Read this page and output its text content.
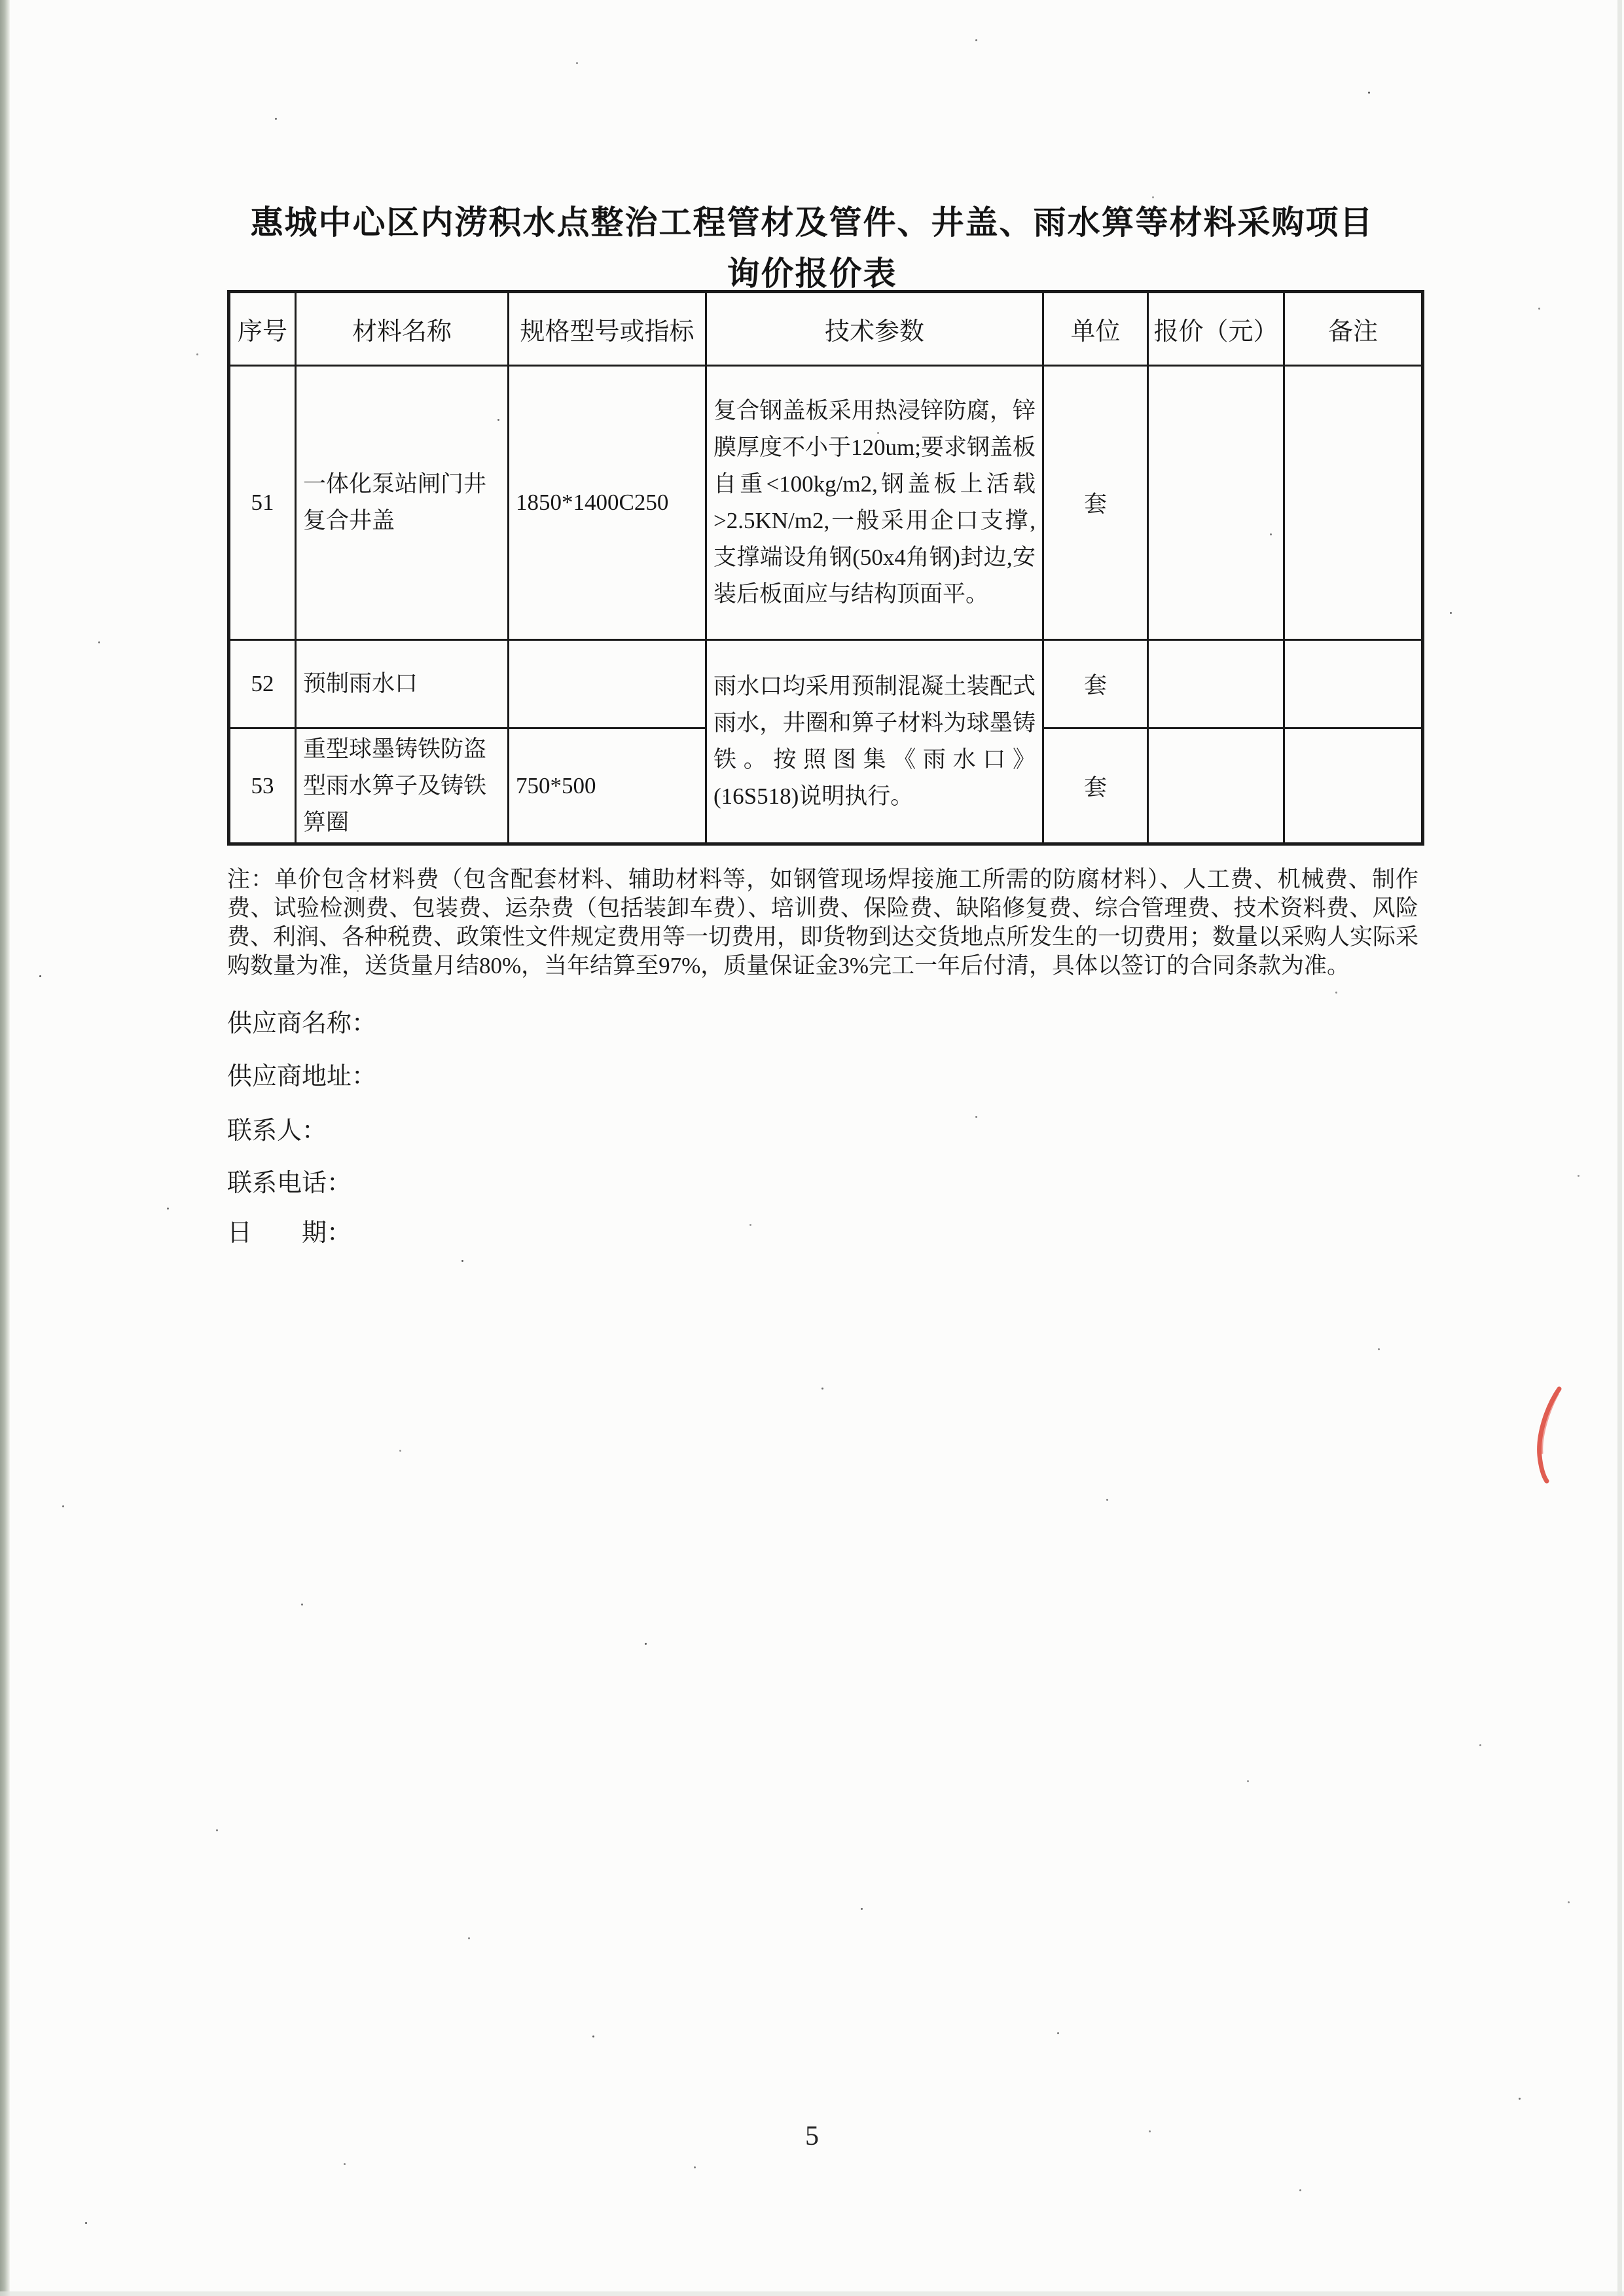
惠城中心区内涝积水点整治工程管材及管件、井盖、雨水箅等材料采购项目
询价报价表
序号	材料名称	规格型号或指标	技术参数	单位	报价（元）	备注
51	一体化泵站闸门井复合井盖	1850*1400C250	复合钢盖板采用热浸锌防腐，锌膜厚度不小于120um;要求钢盖板自重<100kg/m2,钢盖板上活载>2.5KN/m2,一般采用企口支撑,支撑端设角钢(50x4角钢)封边,安装后板面应与结构顶面平。	套		
52	预制雨水口		雨水口均采用预制混凝土装配式雨水，井圈和箅子材料为球墨铸铁。按照图集《雨水口》(16S518)说明执行。	套		
53	重型球墨铸铁防盗型雨水箅子及铸铁箅圈	750*500		套		
注：单价包含材料费（包含配套材料、辅助材料等，如钢管现场焊接施工所需的防腐材料）、人工费、机械费、制作费、试验检测费、包装费、运杂费（包括装卸车费）、培训费、保险费、缺陷修复费、综合管理费、技术资料费、风险费、利润、各种税费、政策性文件规定费用等一切费用，即货物到达交货地点所发生的一切费用；数量以采购人实际采购数量为准，送货量月结80%，当年结算至97%，质量保证金3%完工一年后付清，具体以签订的合同条款为准。
供应商名称：
供应商地址：
联系人：
联系电话：
日　　期：
5
